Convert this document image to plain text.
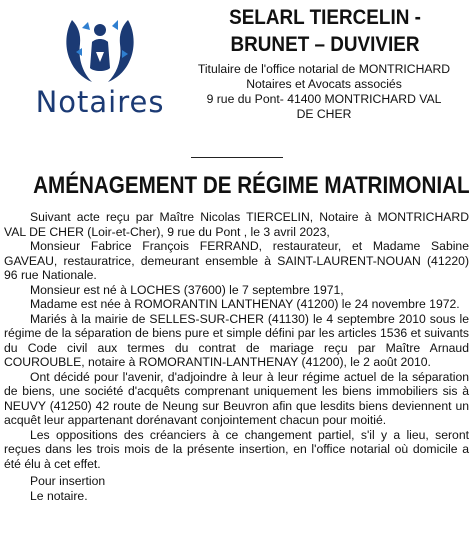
Notaires
SELARL TIERCELIN - BRUNET – DUVIVIER
Titulaire de l'office notarial de MONTRICHARD
Notaires et Avocats associés
9 rue du Pont- 41400 MONTRICHARD VAL
DE CHER
AMÉNAGEMENT DE RÉGIME MATRIMONIAL

Suivant acte reçu par Maître Nicolas TIERCELIN, Notaire à MONTRICHARD VAL DE CHER (Loir-et-Cher), 9 rue du Pont , le 3 avril 2023,

Monsieur Fabrice François FERRAND, restaurateur, et Madame Sabine GAVEAU, restauratrice, demeurant ensemble à SAINT-LAURENT-NOUAN (41220) 96 rue Nationale.

Monsieur est né à LOCHES (37600) le 7 septembre 1971,

Madame est née à ROMORANTIN LANTHENAY (41200) le 24 novembre 1972.

Mariés à la mairie de SELLES-SUR-CHER (41130) le 4 septembre 2010 sous le régime de la séparation de biens pure et simple défini par les articles 1536 et suivants du Code civil aux termes du contrat de mariage reçu par Maître Arnaud COUROUBLE, notaire à ROMORANTIN-LANTHENAY (41200), le 2 août 2010.

Ont décidé pour l'avenir, d'adjoindre à leur à leur régime actuel de la séparation de biens, une société d'acquêts comprenant uniquement les biens immobiliers sis à NEUVY (41250) 42 route de Neung sur Beuvron afin que lesdits biens deviennent un acquêt leur appartenant dorénavant conjointement chacun pour moitié.

Les oppositions des créanciers à ce changement partiel, s'il y a lieu, seront reçues dans les trois mois de la présente insertion, en l'office notarial où domicile a été élu à cet effet.

Pour insertion
Le notaire.
